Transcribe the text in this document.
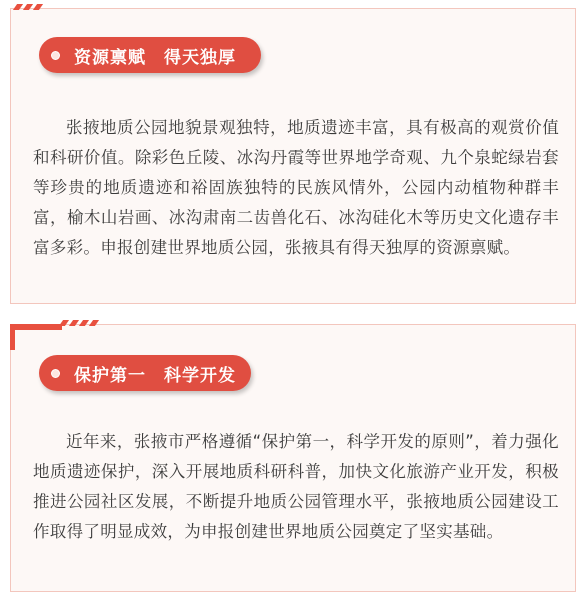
资源禀赋　得天独厚

张掖地质公园地貌景观独特，地质遗迹丰富，具有极高的观赏价值和科研价值。除彩色丘陵、冰沟丹霞等世界地学奇观、九个泉蛇绿岩套等珍贵的地质遗迹和裕固族独特的民族风情外，公园内动植物种群丰富，榆木山岩画、冰沟肃南二齿兽化石、冰沟硅化木等历史文化遗存丰富多彩。申报创建世界地质公园，张掖具有得天独厚的资源禀赋。

保护第一　科学开发

近年来，张掖市严格遵循“保护第一，科学开发的原则”，着力强化地质遗迹保护，深入开展地质科研科普，加快文化旅游产业开发，积极推进公园社区发展，不断提升地质公园管理水平，张掖地质公园建设工作取得了明显成效，为申报创建世界地质公园奠定了坚实基础。
